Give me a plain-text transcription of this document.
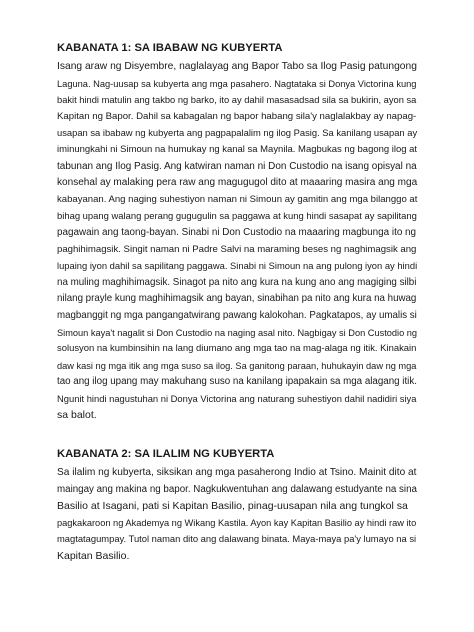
KABANATA 1: SA IBABAW NG KUBYERTA

Isang araw ng Disyembre, naglalayag ang Bapor Tabo sa Ilog Pasig patungong
Laguna. Nag-uusap sa kubyerta ang mga pasahero. Nagtataka si Donya Victorina kung
bakit hindi matulin ang takbo ng barko, ito ay dahil masasadsad sila sa bukirin, ayon sa
Kapitan ng Bapor. Dahil sa kabagalan ng bapor habang sila'y naglalakbay ay napag-
usapan sa ibabaw ng kubyerta ang pagpapalalim ng ilog Pasig. Sa kanilang usapan ay
iminungkahi ni Simoun na humukay ng kanal sa Maynila. Magbukas ng bagong ilog at
tabunan ang Ilog Pasig. Ang katwiran naman ni Don Custodio na isang opisyal na
konsehal ay malaking pera raw ang magugugol dito at maaaring masira ang mga
kabayanan. Ang naging suhestiyon naman ni Simoun ay gamitin ang mga bilanggo at
bihag upang walang perang gugugulin sa paggawa at kung hindi sasapat ay sapilitang
pagawain ang taong-bayan. Sinabi ni Don Custodio na maaaring magbunga ito ng
paghihimagsik. Singit naman ni Padre Salvi na maraming beses ng naghimagsik ang
lupaing iyon dahil sa sapilitang paggawa. Sinabi ni Simoun na ang pulong iyon ay hindi
na muling maghihimagsik. Sinagot pa nito ang kura na kung ano ang magiging silbi
nilang prayle kung maghihimagsik ang bayan, sinabihan pa nito ang kura na huwag
magbanggit ng mga pangangatwirang pawang kalokohan. Pagkatapos, ay umalis si
Simoun kaya't nagalit si Don Custodio na naging asal nito. Nagbigay si Don Custodio ng
solusyon na kumbinsihin na lang diumano ang mga tao na mag-alaga ng itik. Kinakain
daw kasi ng mga itik ang mga suso sa ilog. Sa ganitong paraan, huhukayin daw ng mga
tao ang ilog upang may makuhang suso na kanilang ipapakain sa mga alagang itik.
Ngunit hindi nagustuhan ni Donya Victorina ang naturang suhestiyon dahil nadidiri siya
sa balot.

KABANATA 2: SA ILALIM NG KUBYERTA

Sa ilalim ng kubyerta, siksikan ang mga pasaherong Indio at Tsino. Mainit dito at
maingay ang makina ng bapor. Nagkukwentuhan ang dalawang estudyante na sina
Basilio at Isagani, pati si Kapitan Basilio, pinag-uusapan nila ang tungkol sa
pagkakaroon ng Akademya ng Wikang Kastila. Ayon kay Kapitan Basilio ay hindi raw ito
magtatagumpay. Tutol naman dito ang dalawang binata. Maya-maya pa'y lumayo na si
Kapitan Basilio.
